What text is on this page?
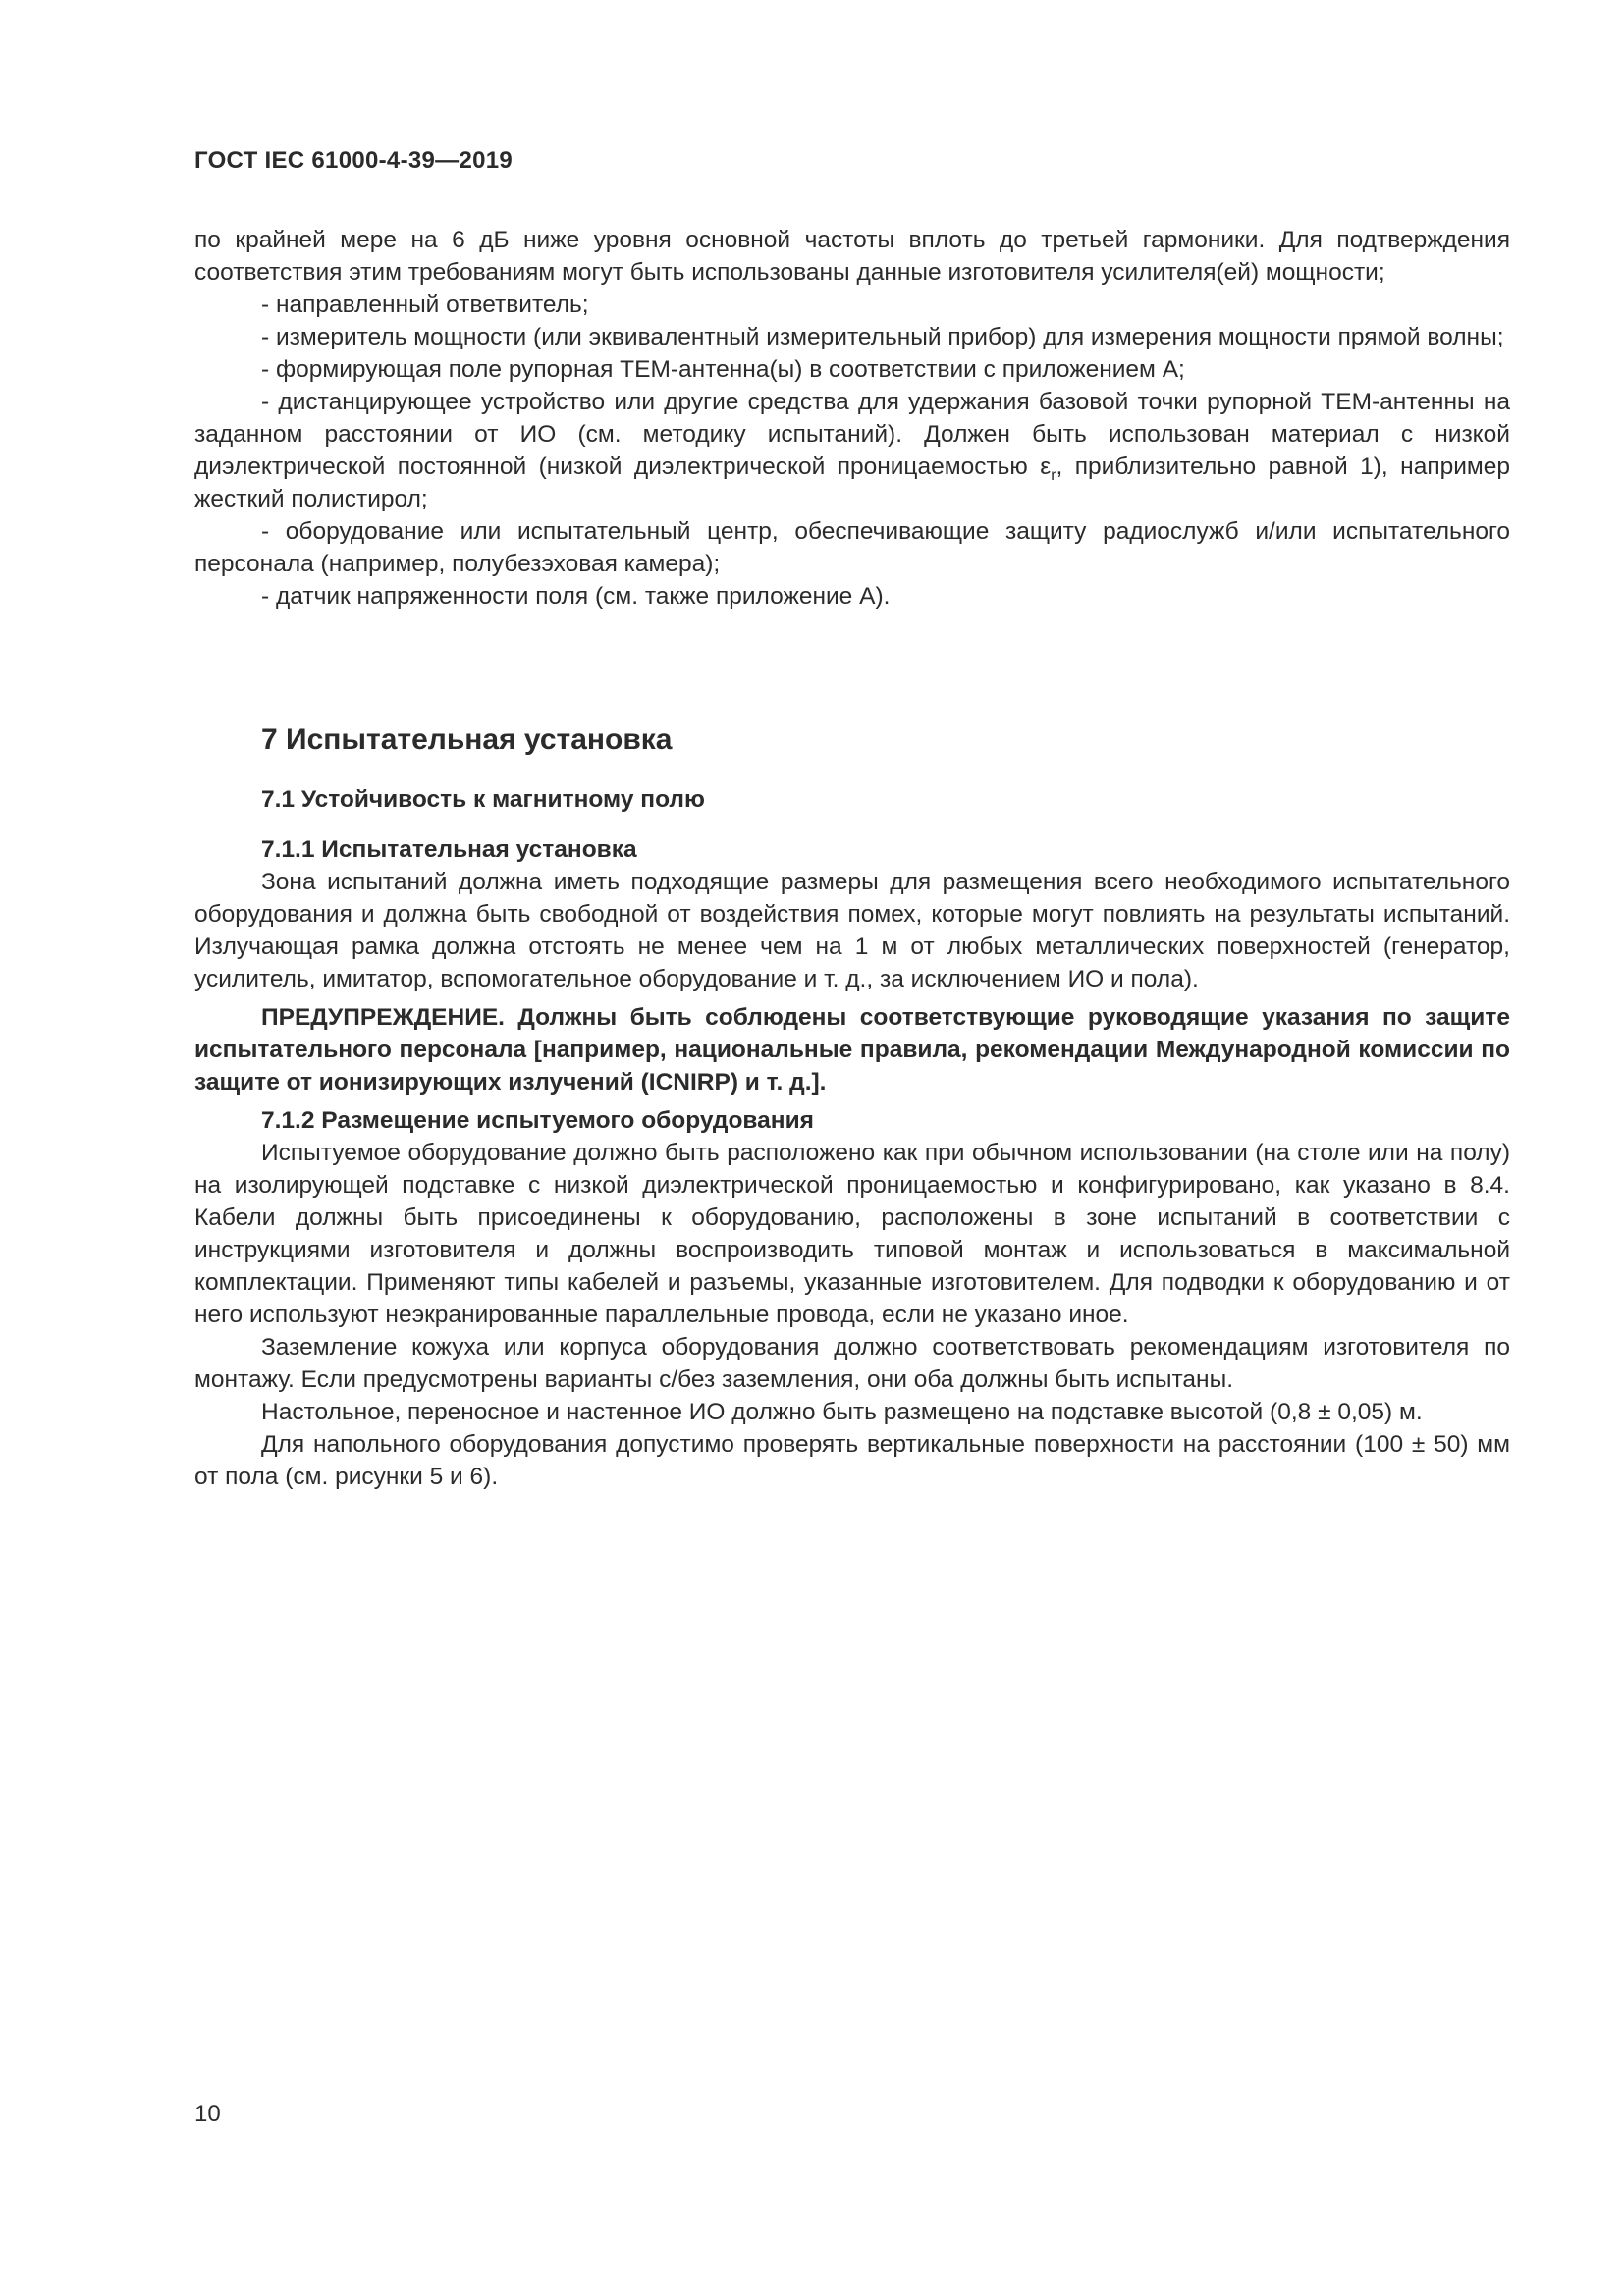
ГОСТ IEC 61000-4-39—2019

по крайней мере на 6 дБ ниже уровня основной частоты вплоть до третьей гармоники. Для подтверждения соответствия этим требованиям могут быть использованы данные изготовителя усилителя(ей) мощности;

- направленный ответвитель;

- измеритель мощности (или эквивалентный измерительный прибор) для измерения мощности прямой волны;

- формирующая поле рупорная ТЕМ-антенна(ы) в соответствии с приложением А;

- дистанцирующее устройство или другие средства для удержания базовой точки рупорной ТЕМ-антенны на заданном расстоянии от ИО (см. методику испытаний). Должен быть использован материал с низкой диэлектрической постоянной (низкой диэлектрической проницаемостью $\varepsilon_r$, приблизительно равной 1), например жесткий полистирол;

- оборудование или испытательный центр, обеспечивающие защиту радиослужб и/или испытательного персонала (например, полубезэховая камера);

- датчик напряженности поля (см. также приложение А).

7 Испытательная установка
7.1 Устойчивость к магнитному полю

7.1.1 Испытательная установка

Зона испытаний должна иметь подходящие размеры для размещения всего необходимого испытательного оборудования и должна быть свободной от воздействия помех, которые могут повлиять на результаты испытаний. Излучающая рамка должна отстоять не менее чем на 1 м от любых металлических поверхностей (генератор, усилитель, имитатор, вспомогательное оборудование и т. д., за исключением ИО и пола).

ПРЕДУПРЕЖДЕНИЕ. Должны быть соблюдены соответствующие руководящие указания по защите испытательного персонала [например, национальные правила, рекомендации Международной комиссии по защите от ионизирующих излучений (ICNIRP) и т. д.].

7.1.2 Размещение испытуемого оборудования

Испытуемое оборудование должно быть расположено как при обычном использовании (на столе или на полу) на изолирующей подставке с низкой диэлектрической проницаемостью и конфигурировано, как указано в 8.4. Кабели должны быть присоединены к оборудованию, расположены в зоне испытаний в соответствии с инструкциями изготовителя и должны воспроизводить типовой монтаж и использоваться в максимальной комплектации. Применяют типы кабелей и разъемы, указанные изготовителем. Для подводки к оборудованию и от него используют неэкранированные параллельные провода, если не указано иное.

Заземление кожуха или корпуса оборудования должно соответствовать рекомендациям изготовителя по монтажу. Если предусмотрены варианты с/без заземления, они оба должны быть испытаны.

Настольное, переносное и настенное ИО должно быть размещено на подставке высотой (0,8 ± 0,05) м.

Для напольного оборудования допустимо проверять вертикальные поверхности на расстоянии (100 ± 50) мм от пола (см. рисунки 5 и 6).

10
